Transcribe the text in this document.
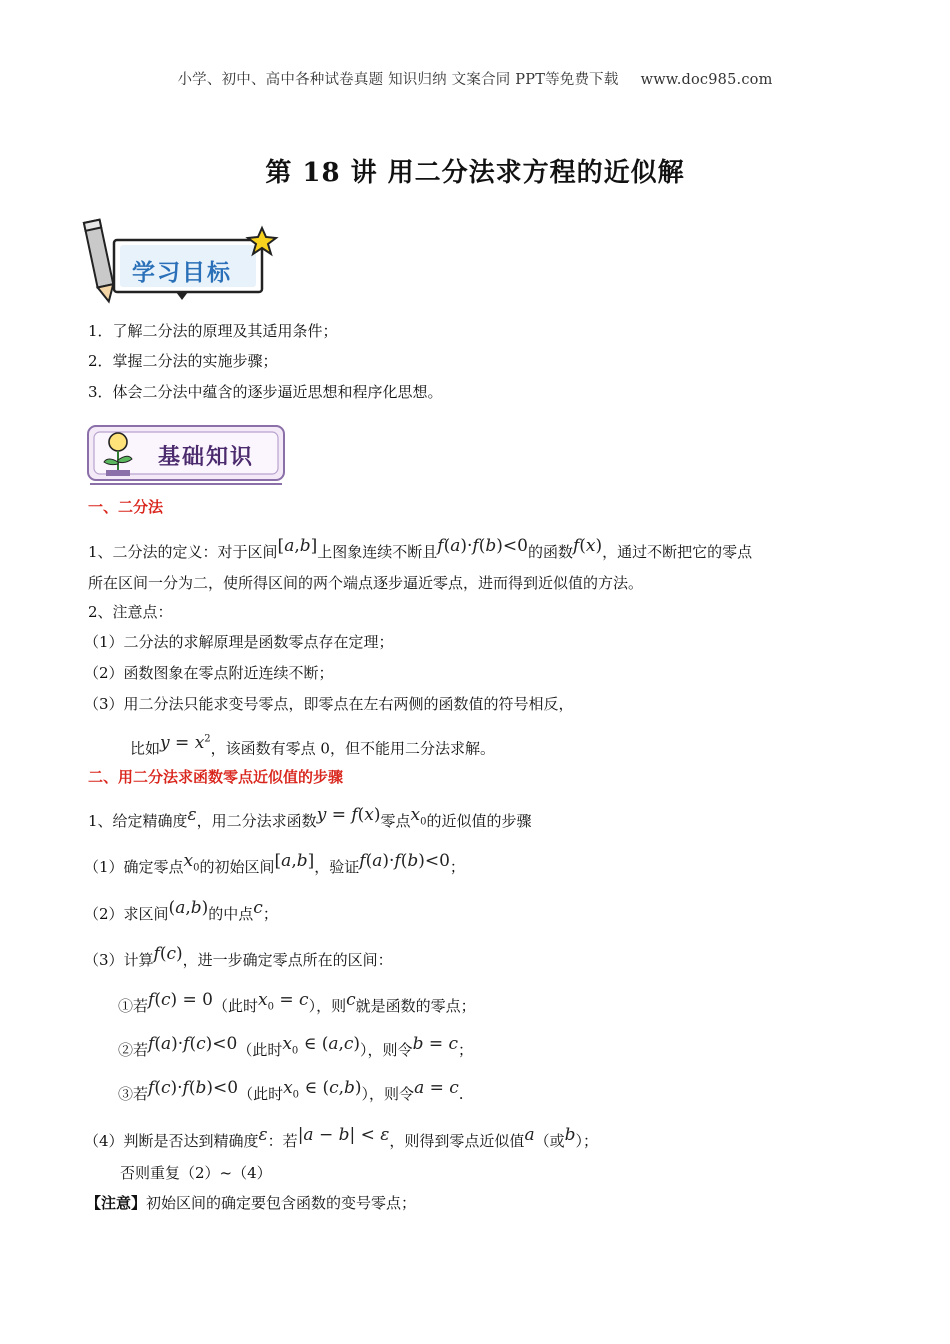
小学、初中、高中各种试卷真题 知识归纳 文案合同 PPT等免费下载 www.doc985.com
第 18 讲 用二分法求方程的近似解
学习目标
1．了解二分法的原理及其适用条件；
2．掌握二分法的实施步骤；
3．体会二分法中蕴含的逐步逼近思想和程序化思想。
基础知识
一、二分法
1、二分法的定义：对于区间[a,b]上图象连续不断且f(a)·f(b)<0的函数f(x)，通过不断把它的零点
所在区间一分为二，使所得区间的两个端点逐步逼近零点，进而得到近似值的方法。
2、注意点：
（1）二分法的求解原理是函数零点存在定理；
（2）函数图象在零点附近连续不断；
（3）用二分法只能求变号零点，即零点在左右两侧的函数值的符号相反，
比如$y = x^2$，该函数有零点 0，但不能用二分法求解。
二、用二分法求函数零点近似值的步骤
1、给定精确度ε，用二分法求函数y = f(x)零点$x_0$的近似值的步骤
（1）确定零点$x_0$的初始区间[a,b]，验证f(a)·f(b)<0；
（2）求区间(a,b)的中点c；
（3）计算f(c)，进一步确定零点所在的区间：
①若f(c) = 0（此时$x_0 = c$），则c就是函数的零点；
②若f(a)·f(c)<0（此时$x_0$ ∈ (a,c)），则令b = c；
③若f(c)·f(b)<0（此时$x_0$ ∈ (c,b)），则令a = c.
（4）判断是否达到精确度ε：若|a − b| < ε，则得到零点近似值a（或b）；
否则重复（2）~（4）
【注意】初始区间的确定要包含函数的变号零点；
